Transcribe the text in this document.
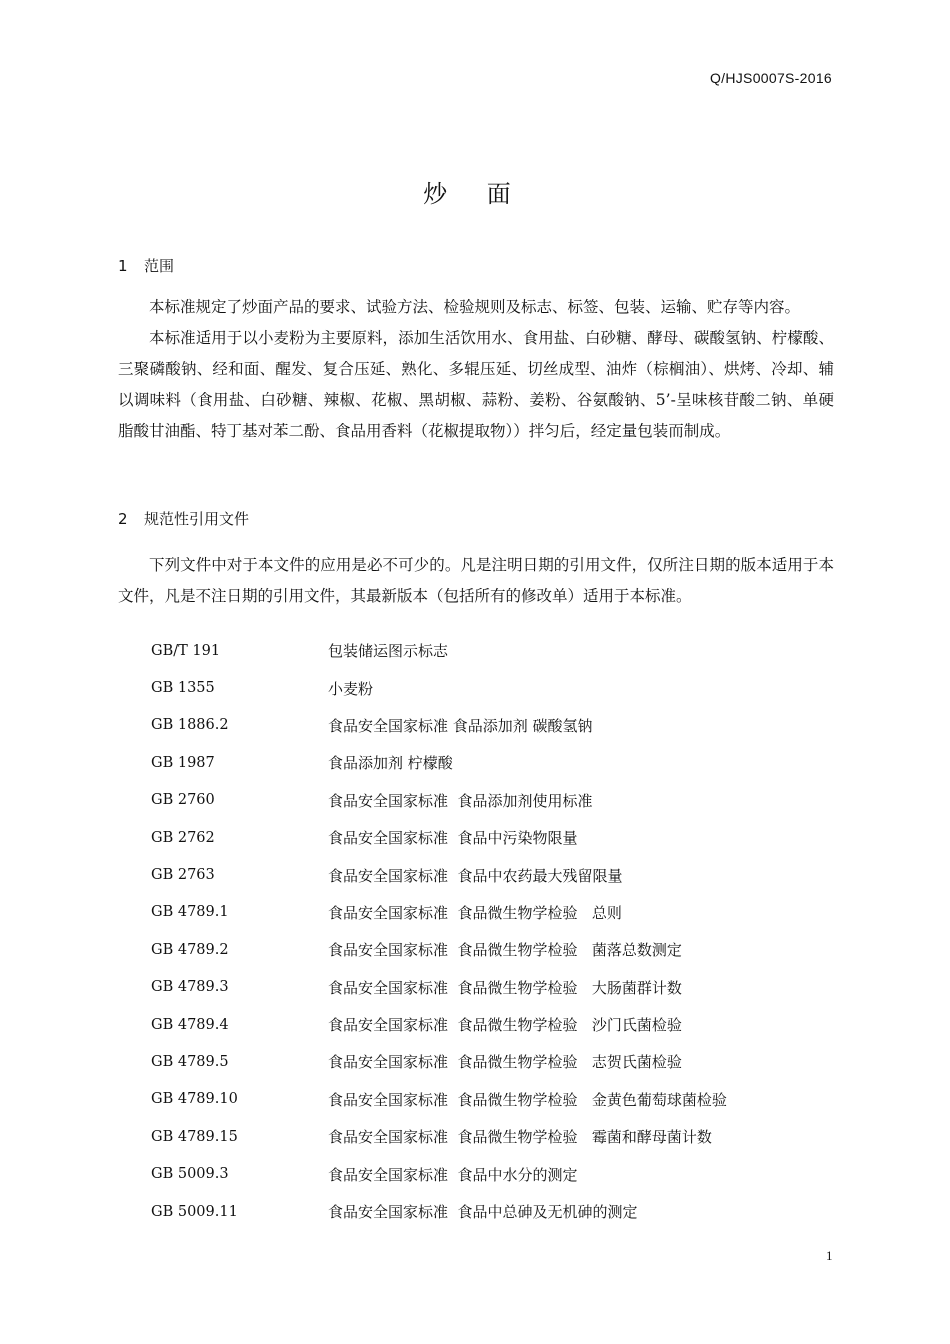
Q/HJS0007S-2016
炒 面
1 范围

本标准规定了炒面产品的要求、试验方法、检验规则及标志、标签、包装、运输、贮存等内容。

本标准适用于以小麦粉为主要原料，添加生活饮用水、食用盐、白砂糖、酵母、碳酸氢钠、柠檬酸、三聚磷酸钠、经和面、醒发、复合压延、熟化、多辊压延、切丝成型、油炸（棕榈油）、烘烤、冷却、辅以调味料（食用盐、白砂糖、辣椒、花椒、黑胡椒、蒜粉、姜粉、谷氨酸钠、5’-呈味核苷酸二钠、单硬脂酸甘油酯、特丁基对苯二酚、食品用香料（花椒提取物））拌匀后，经定量包装而制成。

2 规范性引用文件

下列文件中对于本文件的应用是必不可少的。凡是注明日期的引用文件，仅所注日期的版本适用于本文件，凡是不注日期的引用文件，其最新版本（包括所有的修改单）适用于本标准。

GB/T 191	包装储运图示标志
GB 1355	小麦粉
GB 1886.2	食品安全国家标准 食品添加剂 碳酸氢钠
GB 1987	食品添加剂 柠檬酸
GB 2760	食品安全国家标准  食品添加剂使用标准
GB 2762	食品安全国家标准  食品中污染物限量
GB 2763	食品安全国家标准  食品中农药最大残留限量
GB 4789.1	食品安全国家标准  食品微生物学检验   总则
GB 4789.2	食品安全国家标准  食品微生物学检验   菌落总数测定
GB 4789.3	食品安全国家标准  食品微生物学检验   大肠菌群计数
GB 4789.4	食品安全国家标准  食品微生物学检验   沙门氏菌检验
GB 4789.5	食品安全国家标准  食品微生物学检验   志贺氏菌检验
GB 4789.10	食品安全国家标准  食品微生物学检验   金黄色葡萄球菌检验
GB 4789.15	食品安全国家标准  食品微生物学检验   霉菌和酵母菌计数
GB 5009.3	食品安全国家标准  食品中水分的测定
GB 5009.11	食品安全国家标准  食品中总砷及无机砷的测定
1
